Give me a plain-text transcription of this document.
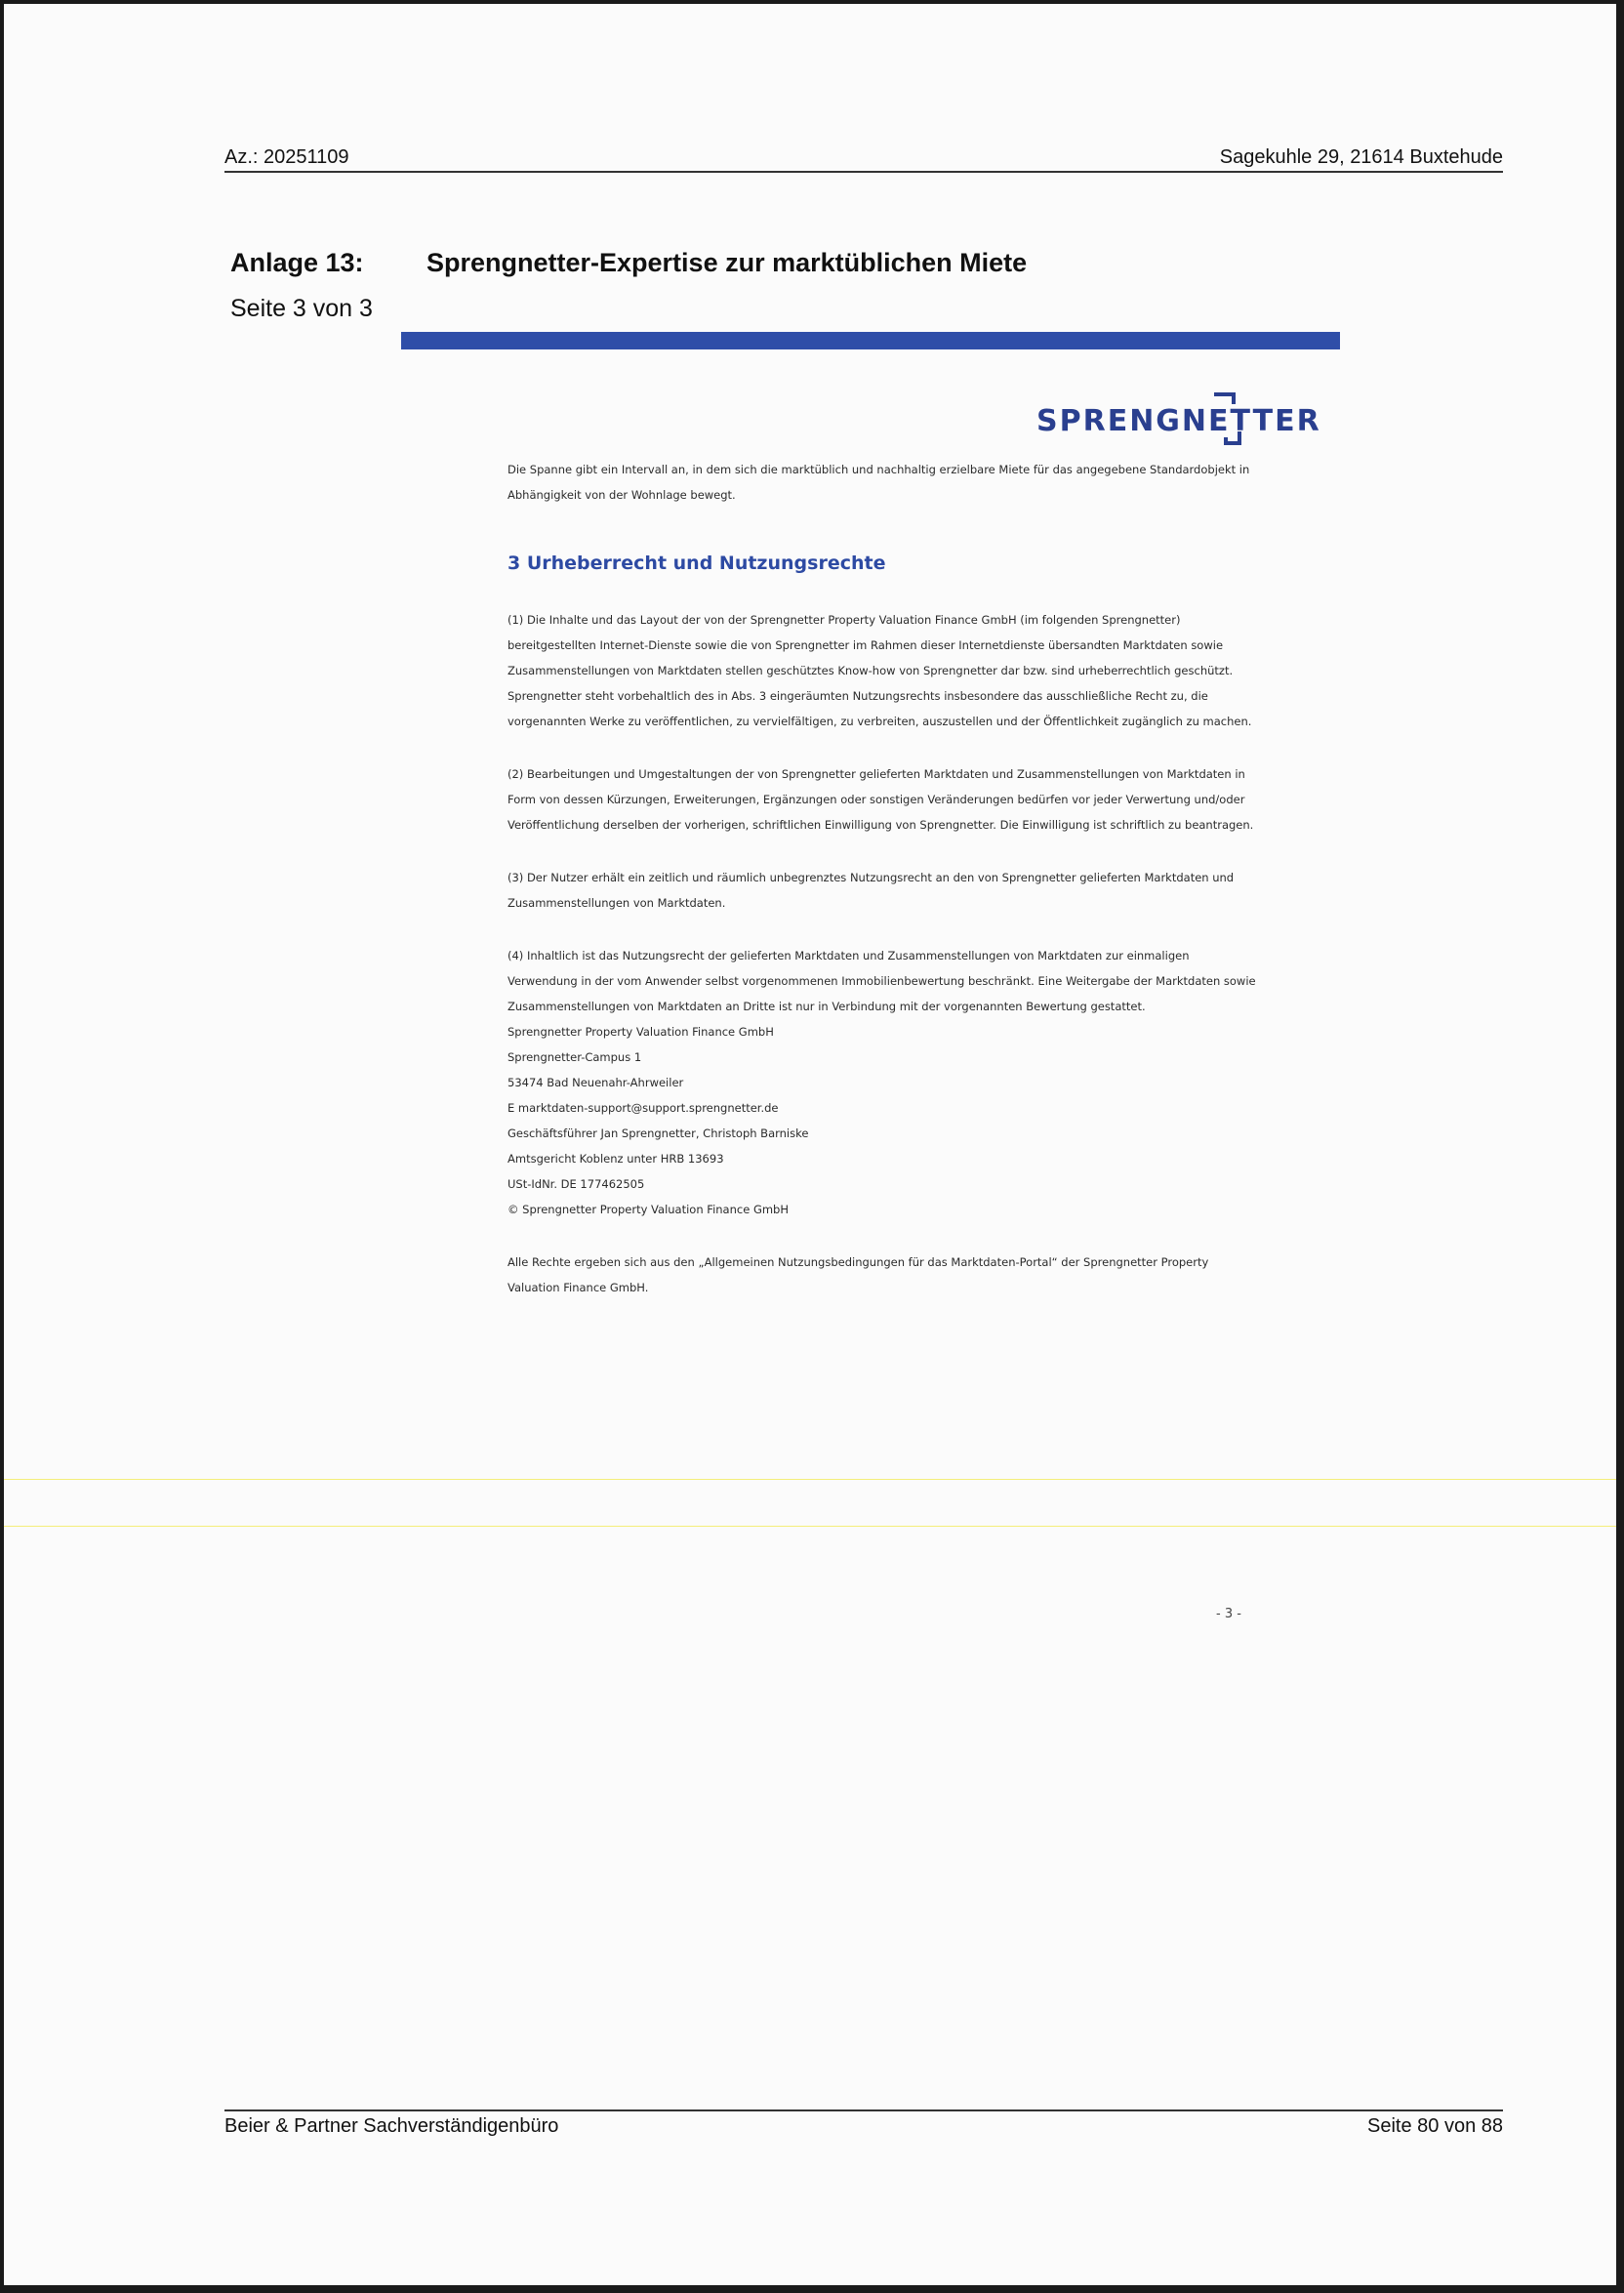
Az.: 20251109	Sagekuhle 29, 21614 Buxtehude
Anlage 13:
Seite 3 von 3
Sprengnetter-Expertise zur marktüblichen Miete
SPRENGNETTER

Die Spanne gibt ein Intervall an, in dem sich die marktüblich und nachhaltig erzielbare Miete für das angegebene Standardobjekt in Abhängigkeit von der Wohnlage bewegt.

3 Urheberrecht und Nutzungsrechte

(1) Die Inhalte und das Layout der von der Sprengnetter Property Valuation Finance GmbH (im folgenden Sprengnetter) bereitgestellten Internet-Dienste sowie die von Sprengnetter im Rahmen dieser Internetdienste übersandten Marktdaten sowie Zusammenstellungen von Marktdaten stellen geschütztes Know-how von Sprengnetter dar bzw. sind urheberrechtlich geschützt. Sprengnetter steht vorbehaltlich des in Abs. 3 eingeräumten Nutzungsrechts insbesondere das ausschließliche Recht zu, die vorgenannten Werke zu veröffentlichen, zu vervielfältigen, zu verbreiten, auszustellen und der Öffentlichkeit zugänglich zu machen.

(2) Bearbeitungen und Umgestaltungen der von Sprengnetter gelieferten Marktdaten und Zusammenstellungen von Marktdaten in Form von dessen Kürzungen, Erweiterungen, Ergänzungen oder sonstigen Veränderungen bedürfen vor jeder Verwertung und/oder Veröffentlichung derselben der vorherigen, schriftlichen Einwilligung von Sprengnetter. Die Einwilligung ist schriftlich zu beantragen.

(3) Der Nutzer erhält ein zeitlich und räumlich unbegrenztes Nutzungsrecht an den von Sprengnetter gelieferten Marktdaten und Zusammenstellungen von Marktdaten.

(4) Inhaltlich ist das Nutzungsrecht der gelieferten Marktdaten und Zusammenstellungen von Marktdaten zur einmaligen Verwendung in der vom Anwender selbst vorgenommenen Immobilienbewertung beschränkt. Eine Weitergabe der Marktdaten sowie Zusammenstellungen von Marktdaten an Dritte ist nur in Verbindung mit der vorgenannten Bewertung gestattet.

Sprengnetter Property Valuation Finance GmbH

Sprengnetter-Campus 1

53474 Bad Neuenahr-Ahrweiler

E marktdaten-support@support.sprengnetter.de

Geschäftsführer Jan Sprengnetter, Christoph Barniske

Amtsgericht Koblenz unter HRB 13693

USt-IdNr. DE 177462505

© Sprengnetter Property Valuation Finance GmbH

Alle Rechte ergeben sich aus den „Allgemeinen Nutzungsbedingungen für das Marktdaten-Portal“ der Sprengnetter Property Valuation Finance GmbH.

- 3 -
Beier & Partner Sachverständigenbüro	Seite 80 von 88
